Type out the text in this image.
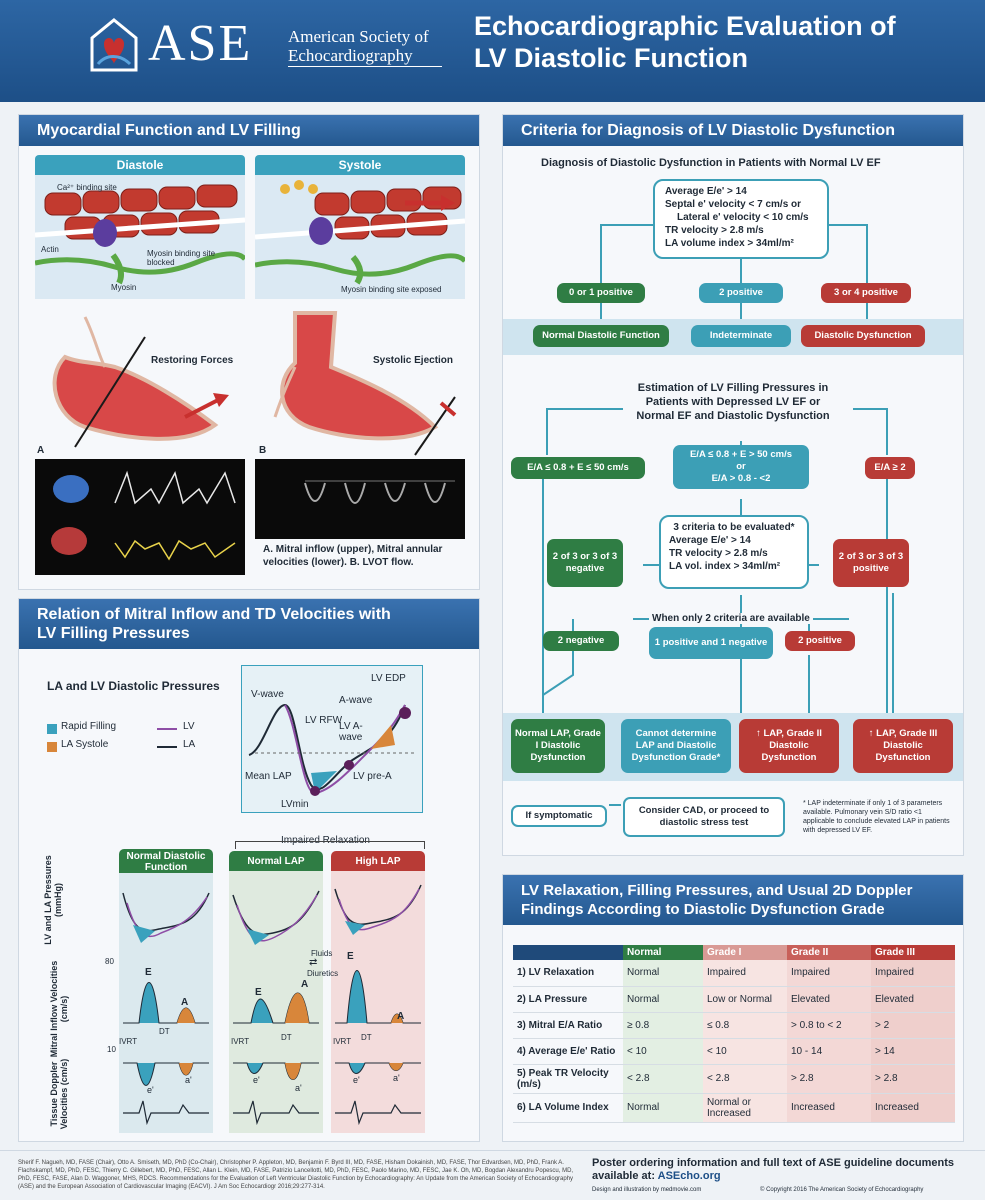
ASE American Society of
Echocardiography
Echocardiographic Evaluation of
LV Diastolic Function
Myocardial Function and LV Filling
Diastole	Systole
Ca²⁺ binding site
Actin	Myosin binding site blocked
Myosin	Myosin binding site exposed
Restoring Forces	Systolic Ejection
A	B
A. Mitral inflow (upper), Mitral annular
velocities (lower). B. LVOT flow.
Relation of Mitral Inflow and TD Velocities with
LV Filling Pressures
LA and LV Diastolic Pressures
Rapid Filling
LA Systole
LV
LA
V-wave
A-wave
LV EDP
LV RFW
LV A-wave
Mean LAP	LV pre-A
LVmin
Impaired Relaxation
Normal Diastolic Function
Normal LAP	High LAP
LV and LA Pressures (mmHg)
Mitral Inflow Velocities (cm/s)
Tissue Doppler Velocities (cm/s)
80
10
E
A
E
A
E
A
IVRT
DT
IVRT	DT	IVRT DT
e'
a'	e'
a'
e'	a'
Fluids
⇄
Diuretics
Criteria for Diagnosis of LV Diastolic Dysfunction
Diagnosis of Diastolic Dysfunction in Patients with Normal LV EF
Average E/e' > 14
Septal e' velocity < 7 cm/s or
Lateral e' velocity < 10 cm/s
TR velocity > 2.8 m/s
LA volume index > 34ml/m²
0 or 1 positive	2 positive	3 or 4 positive
Normal Diastolic Function	Indeterminate	Diastolic Dysfunction
Estimation of LV Filling Pressures in
Patients with Depressed LV EF or
Normal EF and Diastolic Dysfunction
E/A ≤ 0.8 + E ≤ 50 cm/s
E/A ≤ 0.8 + E > 50 cm/s
or
E/A > 0.8 - <2
E/A ≥ 2
3 criteria to be evaluated*
Average E/e' > 14
TR velocity > 2.8 m/s
LA vol. index > 34ml/m²
2 of 3 or 3 of 3 negative
2 of 3 or 3 of 3 positive
When only 2 criteria are available
2 negative	1 positive and 1 negative	2 positive
Normal LAP, Grade I Diastolic Dysfunction
Cannot determine LAP and Diastolic Dysfunction Grade*
↑ LAP, Grade II Diastolic Dysfunction
↑ LAP, Grade III Diastolic Dysfunction
If symptomatic	Consider CAD, or proceed to diastolic stress test
* LAP indeterminate if only 1 of 3 parameters available. Pulmonary vein S/D ratio <1 applicable to conclude elevated LAP in patients with depressed LV EF.
LV Relaxation, Filling Pressures, and Usual 2D Doppler
Findings According to Diastolic Dysfunction Grade
	Normal	Grade I	Grade II	Grade III
1) LV Relaxation	Normal	Impaired	Impaired	Impaired
2) LA Pressure	Normal	Low or Normal	Elevated	Elevated
3) Mitral E/A Ratio	≥ 0.8	≤ 0.8	> 0.8 to < 2	> 2
4) Average E/e' Ratio	< 10	< 10	10 - 14	> 14
5) Peak TR Velocity (m/s)	< 2.8	< 2.8	> 2.8	> 2.8
6) LA Volume Index	Normal	Normal or Increased	Increased	Increased
Sherif F. Nagueh, MD, FASE (Chair), Otto A. Smiseth, MD, PhD (Co-Chair), Christopher P. Appleton, MD, Benjamin F. Byrd III, MD, FASE, Hisham Dokainish, MD, FASE, Thor Edvardsen, MD, PhD, Frank A. Flachskampf, MD, PhD, FESC, Thierry C. Gillebert, MD, PhD, FESC, Allan L. Klein, MD, FASE, Patrizio Lancellotti, MD, PhD, FESC, Paolo Marino, MD, FESC, Jae K. Oh, MD, Bogdan Alexandru Popescu, MD, PhD, FESC, FASE, Alan D. Waggoner, MHS, RDCS. Recommendations for the Evaluation of Left Ventricular Diastolic Function by Echocardiography: An Update from the American Society of Echocardiography (ASE) and the European Association of Cardiovascular Imaging (EACVI). J Am Soc Echocardiogr 2016;29:277-314.
Poster ordering information and full text of ASE guideline documents
available at: ASEcho.org
Design and illustration by medmovie.com	© Copyright 2016 The American Society of Echocardiography
